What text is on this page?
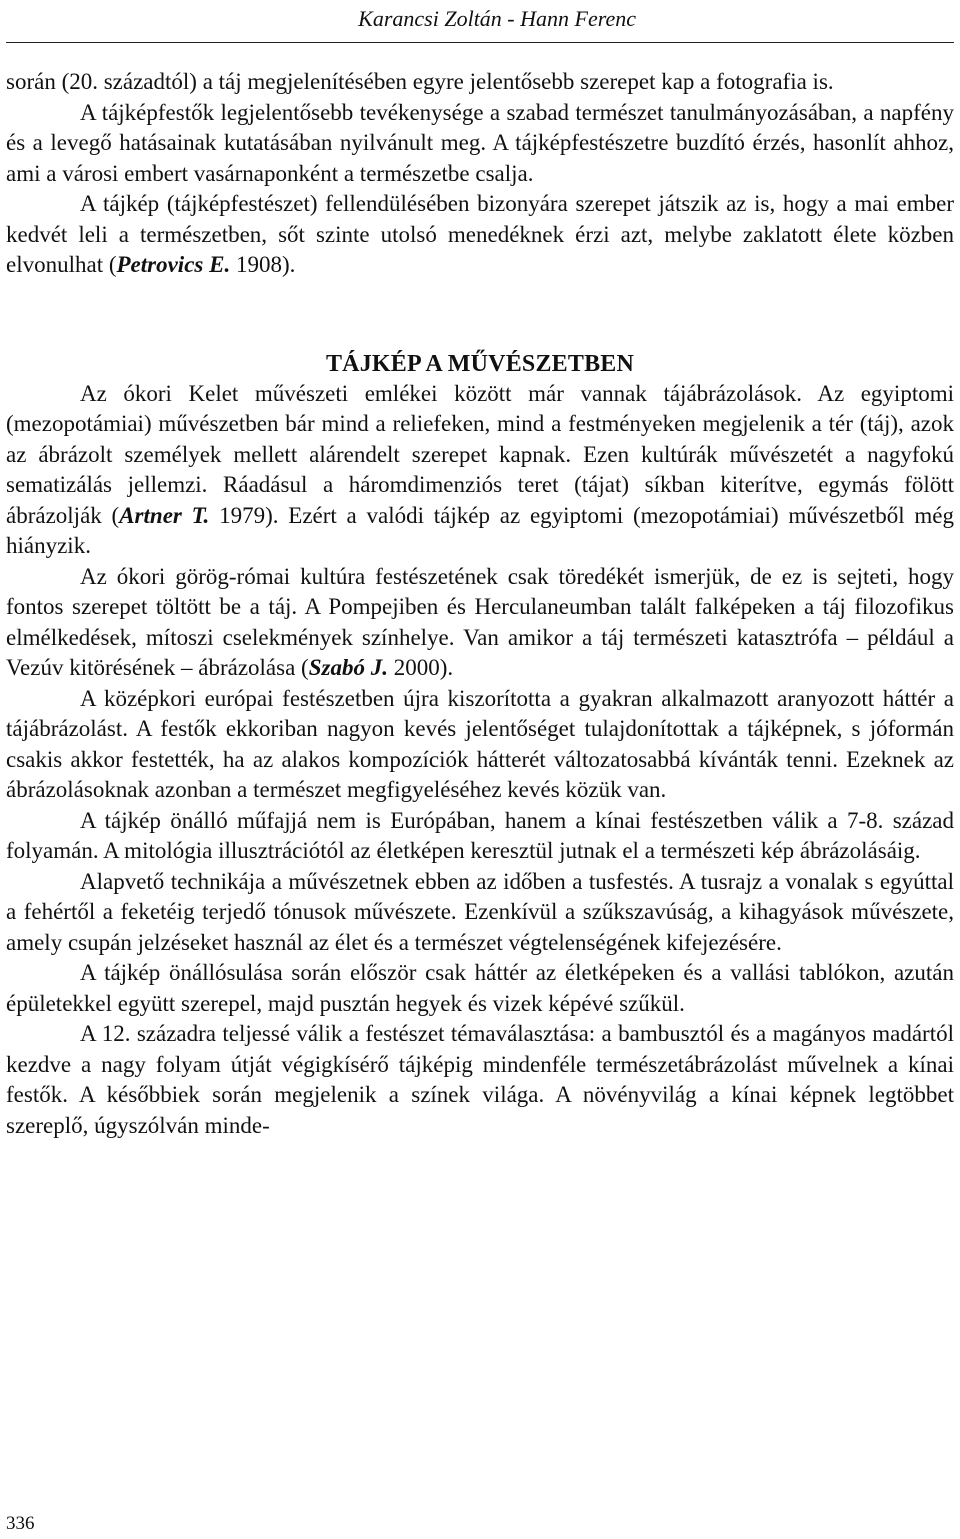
Karancsi Zoltán - Hann Ferenc

során (20. századtól) a táj megjelenítésében egyre jelentősebb szerepet kap a fotografia is.

A tájképfestők legjelentősebb tevékenysége a szabad természet tanulmányozásában, a napfény és a levegő hatásainak kutatásában nyilvánult meg. A tájképfestészetre buzdító érzés, hasonlít ahhoz, ami a városi embert vasárnaponként a természetbe csalja.

A tájkép (tájképfestészet) fellendülésében bizonyára szerepet játszik az is, hogy a mai ember kedvét leli a természetben, sőt szinte utolsó menedéknek érzi azt, melybe zaklatott élete közben elvonulhat (Petrovics E. 1908).

TÁJKÉP A MŰVÉSZETBEN

Az ókori Kelet művészeti emlékei között már vannak tájábrázolások. Az egyiptomi (mezopotámiai) művészetben bár mind a reliefeken, mind a festményeken megjelenik a tér (táj), azok az ábrázolt személyek mellett alárendelt szerepet kapnak. Ezen kultúrák művészetét a nagyfokú sematizálás jellemzi. Ráadásul a háromdimenziós teret (tájat) síkban kiterítve, egymás fölött ábrázolják (Artner T. 1979). Ezért a valódi tájkép az egyiptomi (mezopotámiai) művészetből még hiányzik.

Az ókori görög-római kultúra festészetének csak töredékét ismerjük, de ez is sejteti, hogy fontos szerepet töltött be a táj. A Pompejiben és Herculaneumban talált falképeken a táj filozofikus elmélkedések, mítoszi cselekmények színhelye. Van amikor a táj természeti katasztrófa – például a Vezúv kitörésének – ábrázolása (Szabó J. 2000).

A középkori európai festészetben újra kiszorította a gyakran alkalmazott aranyozott háttér a tájábrázolást. A festők ekkoriban nagyon kevés jelentőséget tulajdonítottak a tájképnek, s jóformán csakis akkor festették, ha az alakos kompozíciók hátterét változatosabbá kívánták tenni. Ezeknek az ábrázolásoknak azonban a természet megfigyeléséhez kevés közük van.

A tájkép önálló műfajjá nem is Európában, hanem a kínai festészetben válik a 7-8. század folyamán. A mitológia illusztrációtól az életképen keresztül jutnak el a természeti kép ábrázolásáig.

Alapvető technikája a művészetnek ebben az időben a tusfestés. A tusrajz a vonalak s egyúttal a fehértől a feketéig terjedő tónusok művészete. Ezenkívül a szűkszavúság, a kihagyások művészete, amely csupán jelzéseket használ az élet és a természet végtelenségének kifejezésére.

A tájkép önállósulása során először csak háttér az életképeken és a vallási tablókon, azután épületekkel együtt szerepel, majd pusztán hegyek és vizek képévé szűkül.

A 12. századra teljessé válik a festészet témaválasztása: a bambusztól és a magányos madártól kezdve a nagy folyam útját végigkísérő tájképig mindenféle természetábrázolást művelnek a kínai festők. A későbbiek során megjelenik a színek világa. A növényvilág a kínai képnek legtöbbet szereplő, úgyszólván minde-

336
